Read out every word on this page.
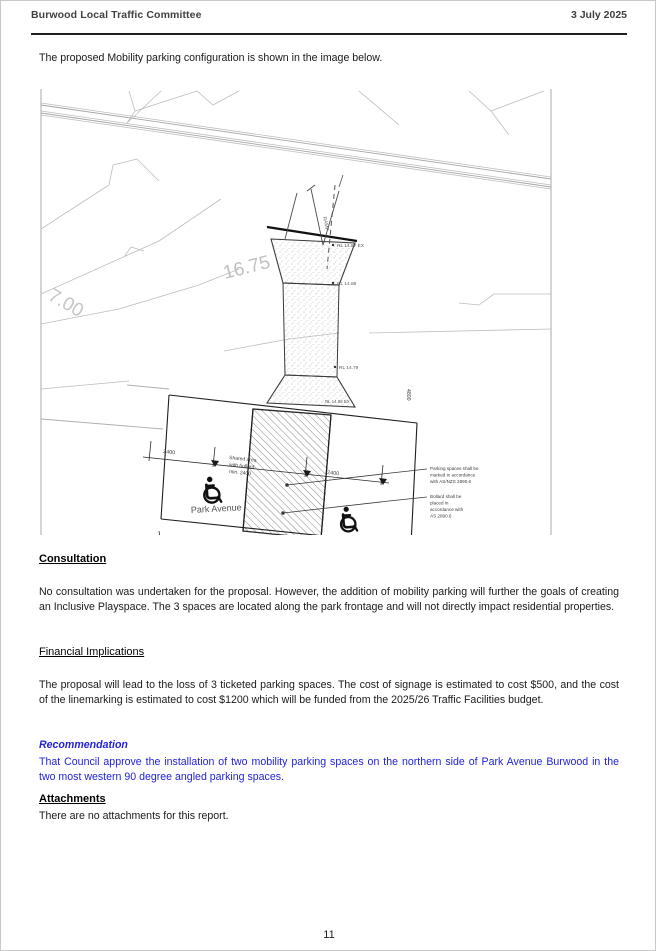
Burwood Local Traffic Committee	3 July 2025

The proposed Mobility parking configuration is shown in the image below.

Parking spaces shall be
marked in accordance
with AS/NZS 2890.6
Bollard shall be
placed in
accordance with
AS 2890.6
2400
2400
4800
Shared area
with bollard
min. 2400
RL 14.87 EX
RL 14.89
RL 14.79
RL 14.89 EX
RAMP
7.00
16.75
Park Avenue
Consultation

No consultation was undertaken for the proposal. However, the addition of mobility parking will further the goals of creating an Inclusive Playspace. The 3 spaces are located along the park frontage and will not directly impact residential properties.

Financial Implications

The proposal will lead to the loss of 3 ticketed parking spaces. The cost of signage is estimated to cost $500, and the cost of the linemarking is estimated to cost $1200 which will be funded from the 2025/26 Traffic Facilities budget.

Recommendation

That Council approve the installation of two mobility parking spaces on the northern side of Park Avenue Burwood in the two most western 90 degree angled parking spaces.

Attachments

There are no attachments for this report.

11
